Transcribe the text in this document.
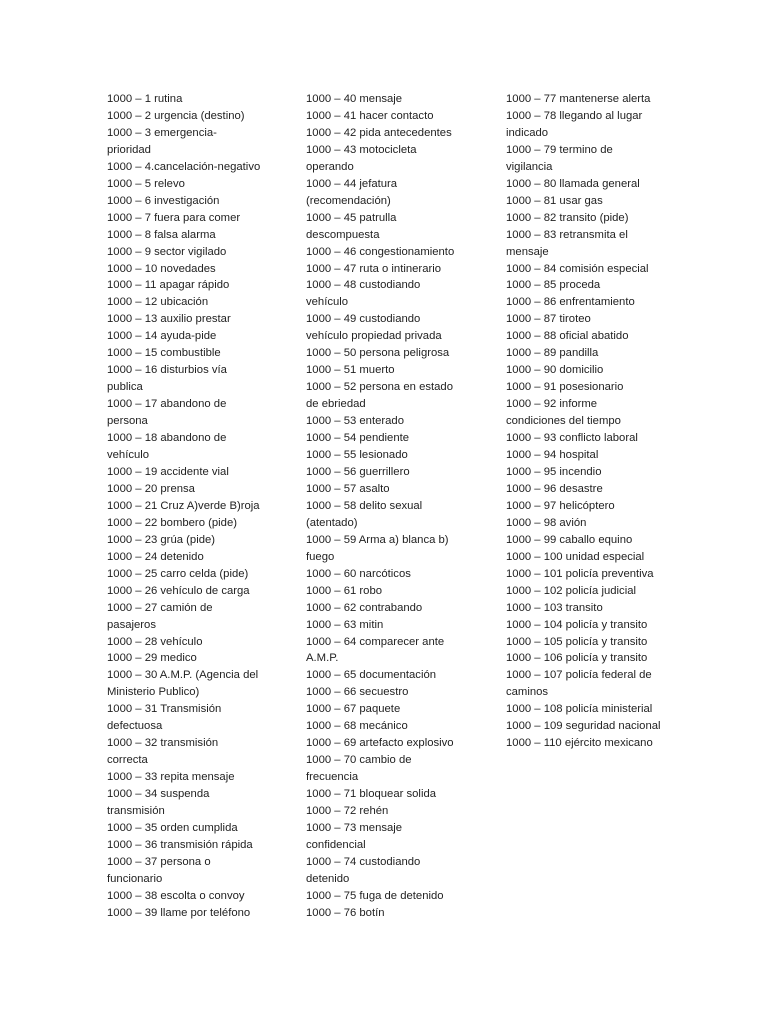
1000 – 1 rutina
1000 – 2 urgencia (destino)
1000 – 3 emergencia-
prioridad
1000 – 4.cancelación-negativo
1000 – 5 relevo
1000 – 6 investigación
1000 – 7 fuera para comer
1000 – 8 falsa alarma
1000 – 9 sector vigilado
1000 – 10 novedades
1000 – 11 apagar rápido
1000 – 12 ubicación
1000 – 13 auxilio prestar
1000 – 14 ayuda-pide
1000 – 15 combustible
1000 – 16 disturbios vía
publica
1000 – 17 abandono de
persona
1000 – 18 abandono de
vehículo
1000 – 19 accidente vial
1000 – 20 prensa
1000 – 21 Cruz A)verde B)roja
1000 – 22 bombero (pide)
1000 – 23 grúa (pide)
1000 – 24 detenido
1000 – 25 carro celda (pide)
1000 – 26 vehículo de carga
1000 – 27 camión de
pasajeros
1000 – 28 vehículo
1000 – 29 medico
1000 – 30 A.M.P. (Agencia del
Ministerio Publico)
1000 – 31 Transmisión
defectuosa
1000 – 32 transmisión
correcta
1000 – 33 repita mensaje
1000 – 34 suspenda
transmisión
1000 – 35 orden cumplida
1000 – 36 transmisión rápida
1000 – 37 persona o
funcionario
1000 – 38 escolta o convoy
1000 – 39 llame por teléfono
1000 – 40 mensaje
1000 – 41 hacer contacto
1000 – 42 pida antecedentes
1000 – 43 motocicleta
operando
1000 – 44 jefatura
(recomendación)
1000 – 45 patrulla
descompuesta
1000 – 46 congestionamiento
1000 – 47 ruta o intinerario
1000 – 48 custodiando
vehículo
1000 – 49 custodiando
vehículo propiedad privada
1000 – 50 persona peligrosa
1000 – 51 muerto
1000 – 52 persona en estado
de ebriedad
1000 – 53 enterado
1000 – 54 pendiente
1000 – 55 lesionado
1000 – 56 guerrillero
1000 – 57 asalto
1000 – 58 delito sexual
(atentado)
1000 – 59 Arma a) blanca b)
fuego
1000 – 60 narcóticos
1000 – 61 robo
1000 – 62 contrabando
1000 – 63 mitin
1000 – 64 comparecer ante
A.M.P.
1000 – 65 documentación
1000 – 66 secuestro
1000 – 67 paquete
1000 – 68 mecánico
1000 – 69 artefacto explosivo
1000 – 70 cambio de
frecuencia
1000 – 71 bloquear solida
1000 – 72 rehén
1000 – 73 mensaje
confidencial
1000 – 74 custodiando
detenido
1000 – 75 fuga de detenido
1000 – 76 botín
1000 – 77 mantenerse alerta
1000 – 78 llegando al lugar
indicado
1000 – 79 termino de
vigilancia
1000 – 80 llamada general
1000 – 81 usar gas
1000 – 82 transito (pide)
1000 – 83 retransmita el
mensaje
1000 – 84 comisión especial
1000 – 85 proceda
1000 – 86 enfrentamiento
1000 – 87 tiroteo
1000 – 88 oficial abatido
1000 – 89 pandilla
1000 – 90 domicilio
1000 – 91 posesionario
1000 – 92 informe
condiciones del tiempo
1000 – 93 conflicto laboral
1000 – 94 hospital
1000 – 95 incendio
1000 – 96 desastre
1000 – 97 helicóptero
1000 – 98 avión
1000 – 99 caballo equino
1000 – 100 unidad especial
1000 – 101 policía preventiva
1000 – 102 policía judicial
1000 – 103 transito
1000 – 104 policía y transito
1000 – 105 policía y transito
1000 – 106 policía y transito
1000 – 107 policía federal de
caminos
1000 – 108 policía ministerial
1000 – 109 seguridad nacional
1000 – 110 ejército mexicano
